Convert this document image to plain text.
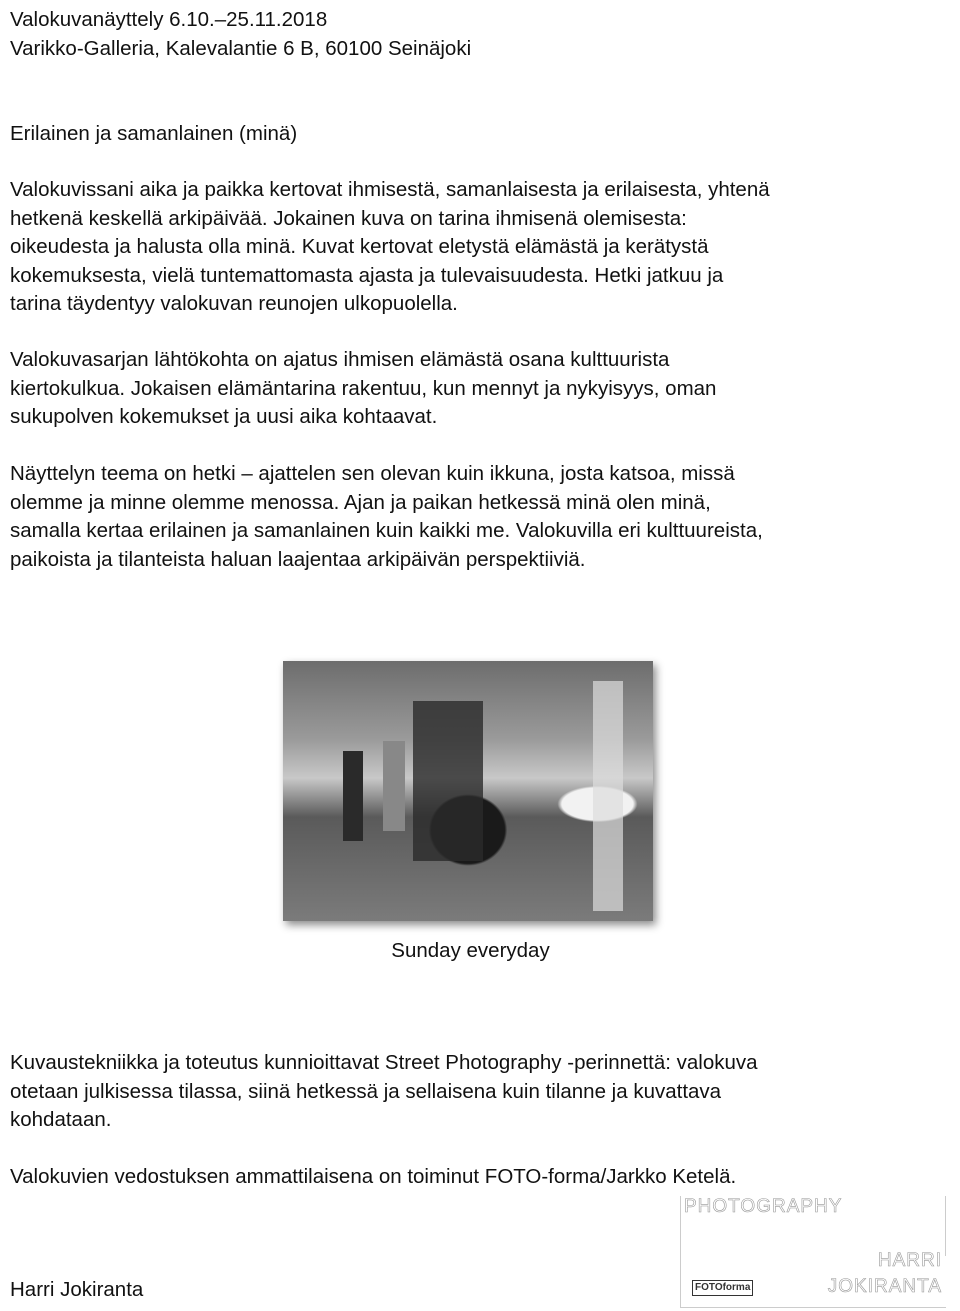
Valokuvanäyttely 6.10.–25.11.2018
Varikko-Galleria, Kalevalantie 6 B, 60100 Seinäjoki
Erilainen ja samanlainen (minä)
Valokuvissani aika ja paikka kertovat ihmisestä, samanlaisesta ja erilaisesta, yhtenä
hetkenä keskellä arkipäivää. Jokainen kuva on tarina ihmisenä olemisesta:
oikeudesta ja halusta olla minä. Kuvat kertovat eletystä elämästä ja kerätystä
kokemuksesta, vielä tuntemattomasta ajasta ja tulevaisuudesta. Hetki jatkuu ja
tarina täydentyy valokuvan reunojen ulkopuolella.
Valokuvasarjan lähtökohta on ajatus ihmisen elämästä osana kulttuurista
kiertokulkua. Jokaisen elämäntarina rakentuu, kun mennyt ja nykyisyys, oman
sukupolven kokemukset ja uusi aika kohtaavat.
Näyttelyn teema on hetki – ajattelen sen olevan kuin ikkuna, josta katsoa, missä
olemme ja minne olemme menossa. Ajan ja paikan hetkessä minä olen minä,
samalla kertaa erilainen ja samanlainen kuin kaikki me. Valokuvilla eri kulttuureista,
paikoista ja tilanteista haluan laajentaa arkipäivän perspektiiviä.
Sunday everyday
Kuvaustekniikka ja toteutus kunnioittavat Street Photography -perinnettä: valokuva
otetaan julkisessa tilassa, siinä hetkessä ja sellaisena kuin tilanne ja kuvattava
kohdataan.
Valokuvien vedostuksen ammattilaisena on toiminut FOTO-forma/Jarkko Ketelä.
Harri Jokiranta
PHOTOGRAPHY
HARRI
JOKIRANTA
FOTOforma
